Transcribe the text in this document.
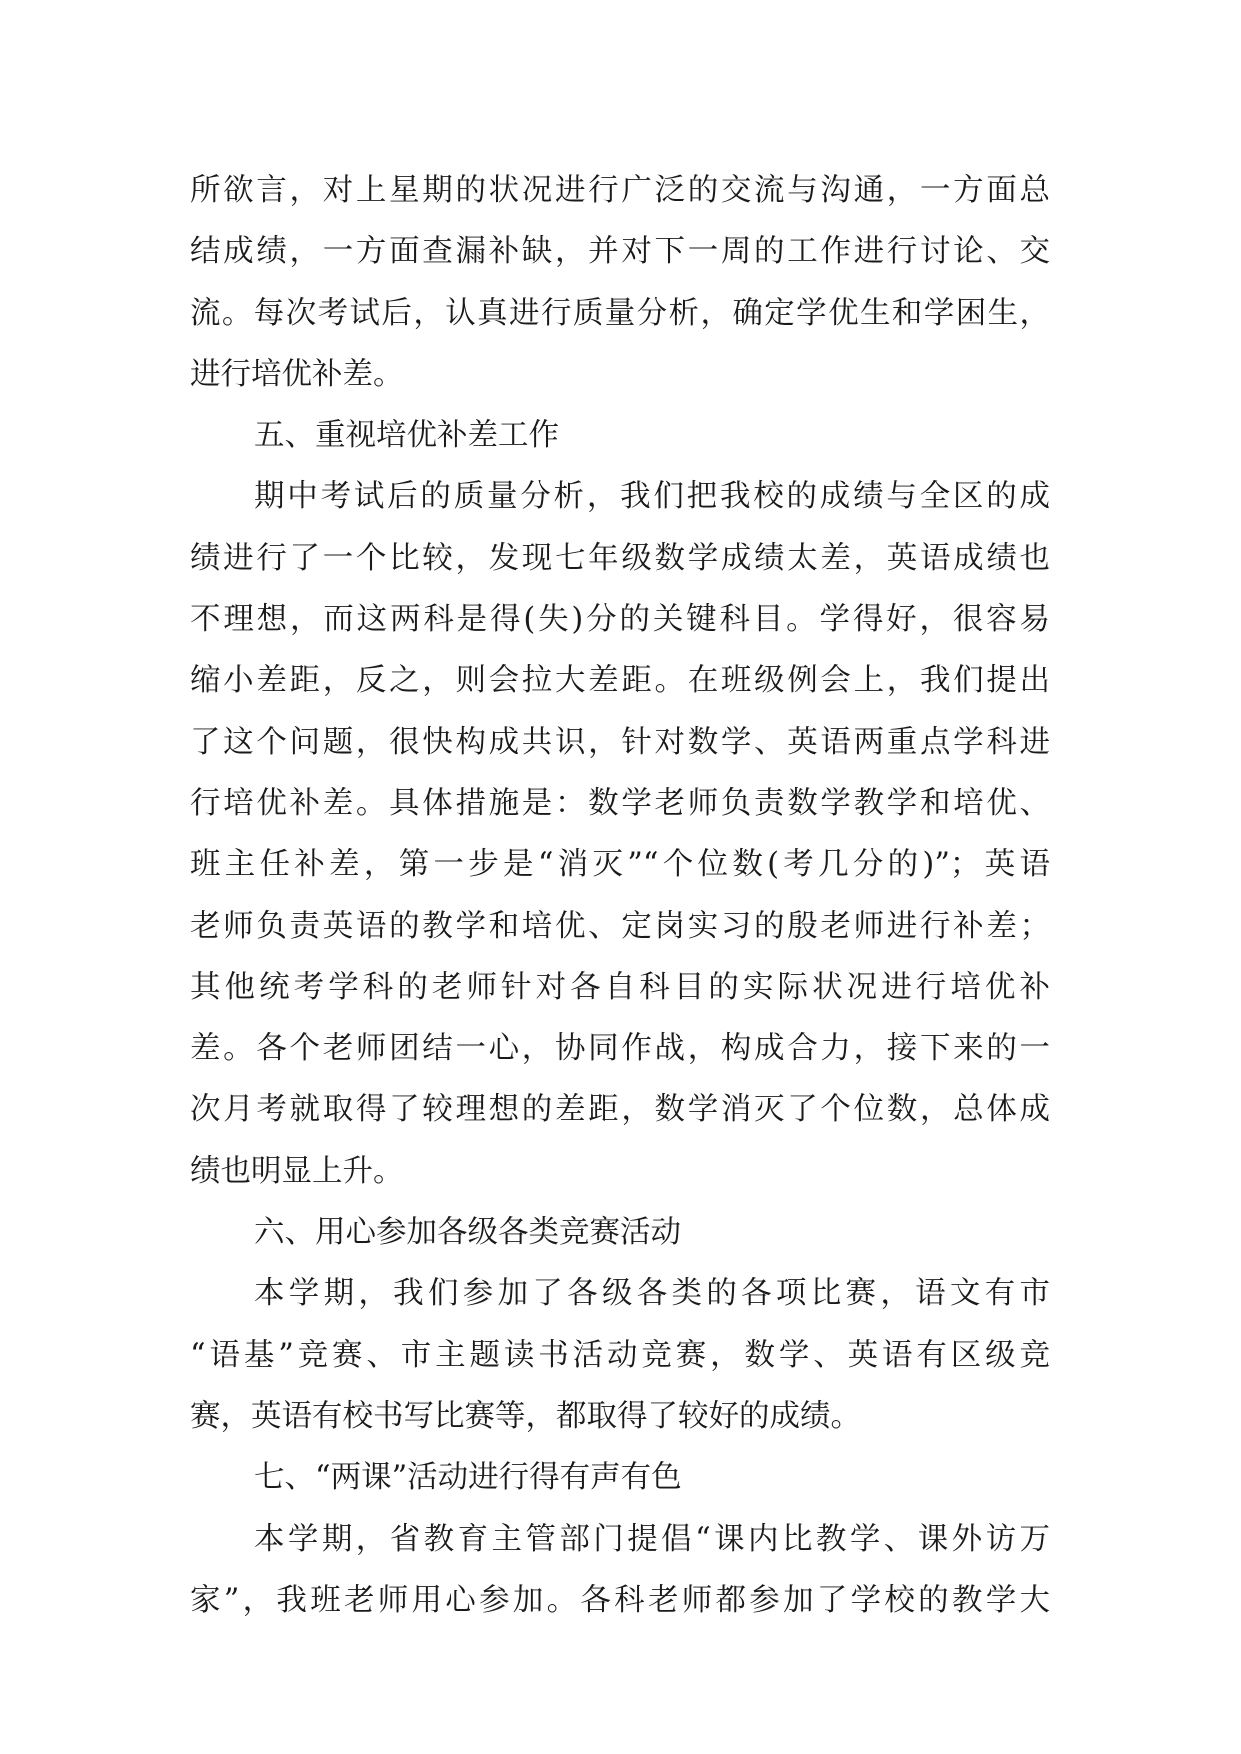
所欲言，对上星期的状况进行广泛的交流与沟通，一方面总
结成绩，一方面查漏补缺，并对下一周的工作进行讨论、交
流。每次考试后，认真进行质量分析，确定学优生和学困生，
进行培优补差。
五、重视培优补差工作
期中考试后的质量分析，我们把我校的成绩与全区的成
绩进行了一个比较，发现七年级数学成绩太差，英语成绩也
不理想，而这两科是得(失)分的关键科目。学得好，很容易
缩小差距，反之，则会拉大差距。在班级例会上，我们提出
了这个问题，很快构成共识，针对数学、英语两重点学科进
行培优补差。具体措施是：数学老师负责数学教学和培优、
班主任补差，第一步是“消灭”“个位数(考几分的)”；英语
老师负责英语的教学和培优、定岗实习的殷老师进行补差；
其他统考学科的老师针对各自科目的实际状况进行培优补
差。各个老师团结一心，协同作战，构成合力，接下来的一
次月考就取得了较理想的差距，数学消灭了个位数，总体成
绩也明显上升。
六、用心参加各级各类竞赛活动
本学期，我们参加了各级各类的各项比赛，语文有市
“语基”竞赛、市主题读书活动竞赛，数学、英语有区级竞
赛，英语有校书写比赛等，都取得了较好的成绩。
七、“两课”活动进行得有声有色
本学期，省教育主管部门提倡“课内比教学、课外访万
家”，我班老师用心参加。各科老师都参加了学校的教学大
